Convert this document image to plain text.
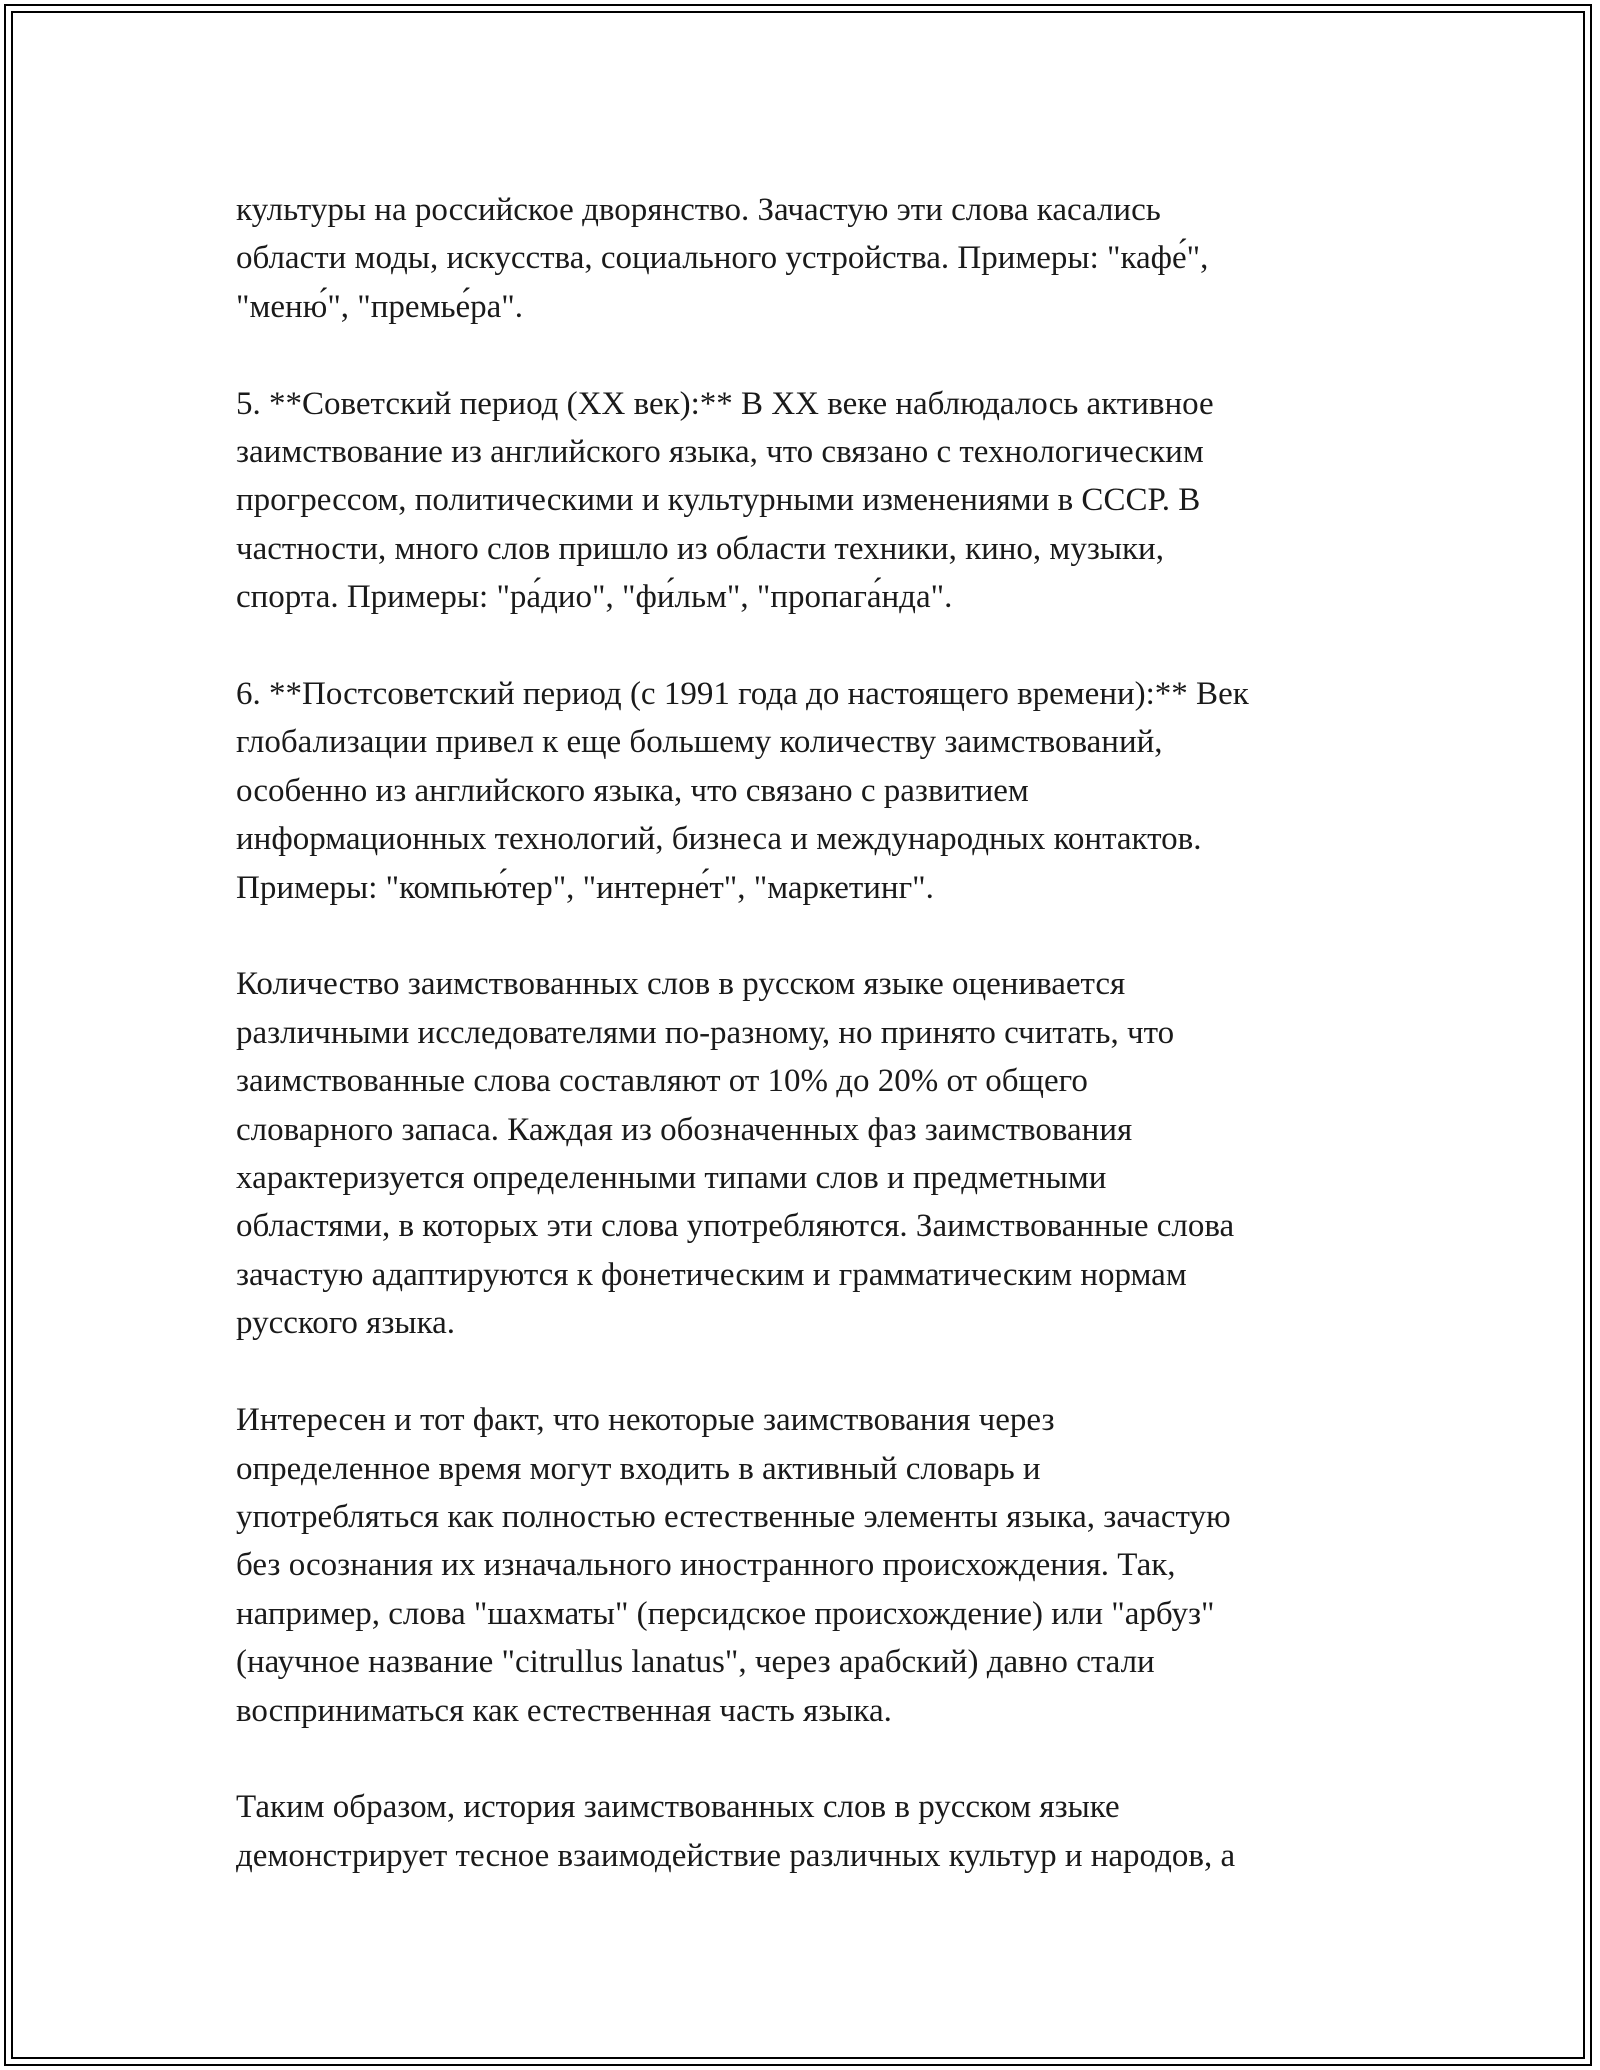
культуры на российское дворянство. Зачастую эти слова касались
области моды, искусства, социального устройства. Примеры: "кафе́",
"меню́", "премье́ра".

5. **Советский период (XX век):** В XX веке наблюдалось активное
заимствование из английского языка, что связано с технологическим
прогрессом, политическими и культурными изменениями в СССР. В
частности, много слов пришло из области техники, кино, музыки,
спорта. Примеры: "ра́дио", "фи́льм", "пропага́нда".

6. **Постсоветский период (с 1991 года до настоящего времени):** Век
глобализации привел к еще большему количеству заимствований,
особенно из английского языка, что связано с развитием
информационных технологий, бизнеса и международных контактов.
Примеры: "компью́тер", "интерне́т", "маркетинг".

Количество заимствованных слов в русском языке оценивается
различными исследователями по-разному, но принято считать, что
заимствованные слова составляют от 10% до 20% от общего
словарного запаса. Каждая из обозначенных фаз заимствования
характеризуется определенными типами слов и предметными
областями, в которых эти слова употребляются. Заимствованные слова
зачастую адаптируются к фонетическим и грамматическим нормам
русского языка.

Интересен и тот факт, что некоторые заимствования через
определенное время могут входить в активный словарь и
употребляться как полностью естественные элементы языка, зачастую
без осознания их изначального иностранного происхождения. Так,
например, слова "шахматы" (персидское происхождение) или "арбуз"
(научное название "citrullus lanatus", через арабский) давно стали
восприниматься как естественная часть языка.

Таким образом, история заимствованных слов в русском языке
демонстрирует тесное взаимодействие различных культур и народов, а
